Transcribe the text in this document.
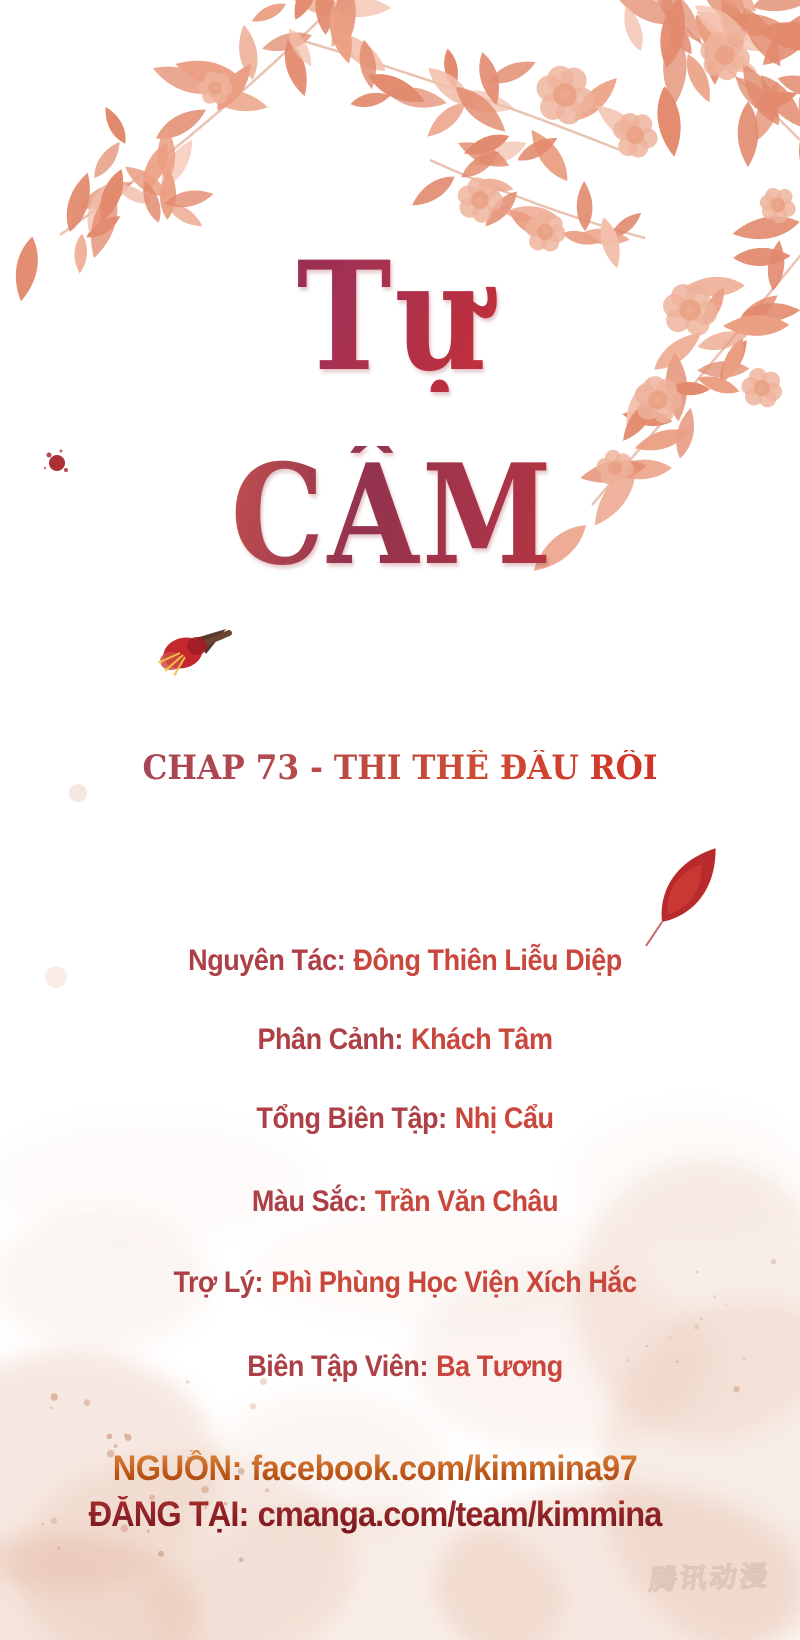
Tự
CẨM
CHAP 73 - THI THỂ ĐÂU RỒI
Nguyên Tác: Đông Thiên Liễu Diệp
Phân Cảnh: Khách Tâm
Tổng Biên Tập: Nhị Cẩu
Màu Sắc: Trần Văn Châu
Trợ Lý: Phì Phùng Học Viện Xích Hắc
Biên Tập Viên: Ba Tương
NGUỒN: facebook.com/kimmina97
ĐĂNG TẠI: cmanga.com/team/kimmina
腾讯动漫
